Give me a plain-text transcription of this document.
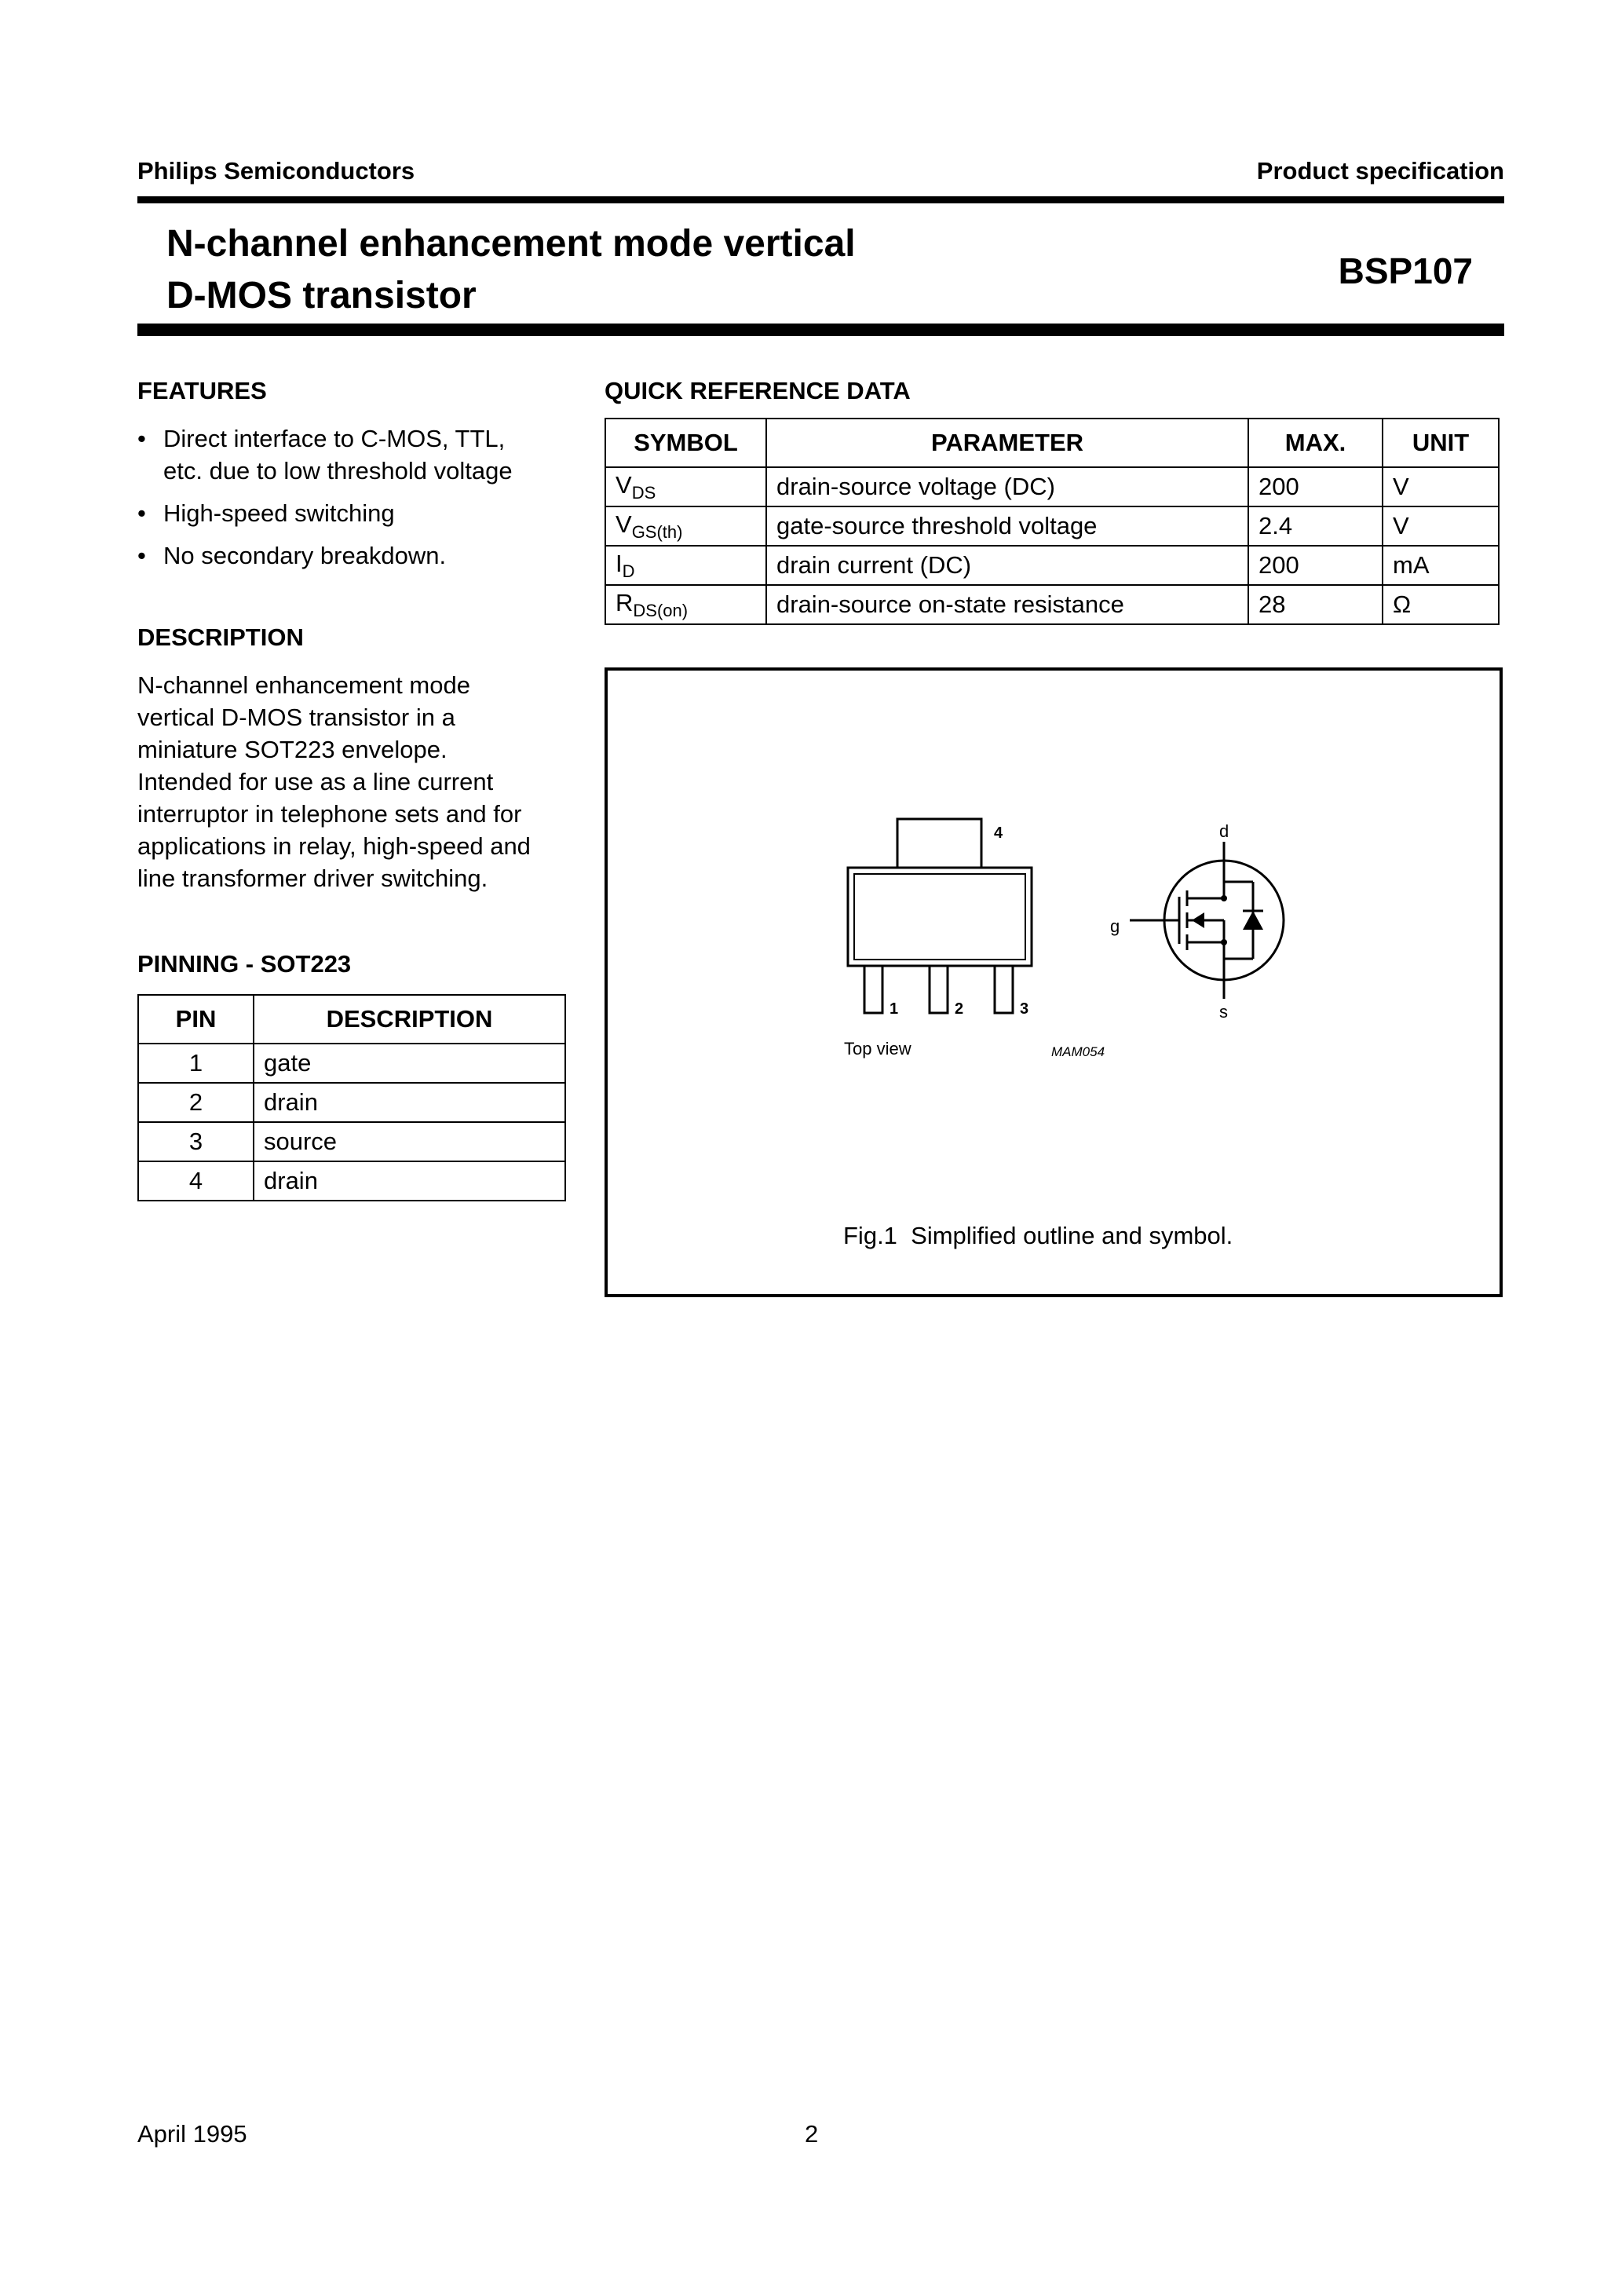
Philips Semiconductors	Product specification
N-channel enhancement mode vertical
D-MOS transistor
BSP107
FEATURES
• Direct interface to C-MOS, TTL,
etc. due to low threshold voltage
• High-speed switching
• No secondary breakdown.
DESCRIPTION
N-channel enhancement mode
vertical D-MOS transistor in a
miniature SOT223 envelope.
Intended for use as a line current
interruptor in telephone sets and for
applications in relay, high-speed and
line transformer driver switching.
PINNING - SOT223
PIN	DESCRIPTION
1	gate
2	drain
3	source
4	drain
QUICK REFERENCE DATA
SYMBOL	PARAMETER	MAX.	UNIT
$V_{DS}$	drain-source voltage (DC)	200	V
$V_{GS(th)}$	gate-source threshold voltage	2.4	V
$I_D$	drain current (DC)	200	mA
$R_{DS(on)}$	drain-source on-state resistance	28	Ω
4
1	2	3
Top view	MAM054
d
g
s
Fig.1 Simplified outline and symbol.
April 1995	2
